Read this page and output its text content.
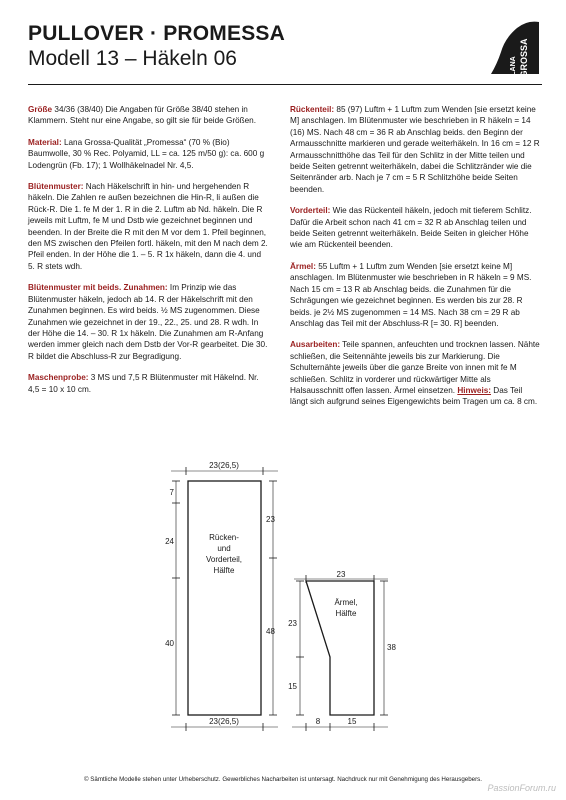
PULLOVER · PROMESSA
Modell 13 – Häkeln 06	GROSSA
LANA

Größe 34/36 (38/40) Die Angaben für Größe 38/40 stehen in Klammern. Steht nur eine Angabe, so gilt sie für beide Größen.

Material: Lana Grossa-Qualität „Promessa“ (70 % (Bio) Baumwolle, 30 % Rec. Polyamid, LL = ca. 125 m/50 g): ca. 600 g Lodengrün (Fb. 17); 1 Wollhäkelnadel Nr. 4,5.

Blütenmuster: Nach Häkelschrift in hin- und hergehenden R häkeln. Die Zahlen re außen bezeichnen die Hin-R, li außen die Rück-R. Die 1. fe M der 1. R in die 2. Luftm ab Nd. häkeln. Die R jeweils mit Luftm, fe M und Dstb wie gezeichnet beginnen und beenden. In der Breite die R mit den M vor dem 1. Pfeil beginnen, den MS zwischen den Pfeilen fortl. häkeln, mit den M nach dem 2. Pfeil enden. In der Höhe die 1. – 5. R 1x häkeln, dann die 4. und 5. R stets wdh.

Blütenmuster mit beids. Zunahmen: Im Prinzip wie das Blütenmuster häkeln, jedoch ab 14. R der Häkelschrift mit den Zunahmen beginnen. Es wird beids. ½ MS zugenommen. Diese Zunahmen wie gezeichnet in der 19., 22., 25. und 28. R wdh. In der Höhe die 14. – 30. R 1x häkeln. Die Zunahmen am R-Anfang werden immer gleich nach dem Dstb der Vor-R gearbeitet. Die 30. R bildet die Abschluss-R zur Begradigung.

Maschenprobe: 3 MS und 7,5 R Blütenmuster mit Häkelnd. Nr. 4,5 = 10 x 10 cm.

Rückenteil: 85 (97) Luftm + 1 Luftm zum Wenden [sie ersetzt keine M] anschlagen. Im Blütenmuster wie beschrieben in R häkeln = 14 (16) MS. Nach 48 cm = 36 R ab Anschlag beids. den Beginn der Armausschnitte markieren und gerade weiterhäkeln. In 16 cm = 12 R Armausschnitthöhe das Teil für den Schlitz in der Mitte teilen und beide Seiten getrennt weiterhäkeln, dabei die Schlitzränder wie die Seitenränder arb. Nach je 7 cm = 5 R Schlitzhöhe beide Seiten beenden.

Vorderteil: Wie das Rückenteil häkeln, jedoch mit tieferem Schlitz. Dafür die Arbeit schon nach 41 cm = 32 R ab Anschlag teilen und beide Seiten getrennt weiterhäkeln. Beide Seiten in gleicher Höhe wie am Rückenteil beenden.

Ärmel: 55 Luftm + 1 Luftm zum Wenden [sie ersetzt keine M] anschlagen. Im Blütenmuster wie beschrieben in R häkeln = 9 MS. Nach 15 cm = 13 R ab Anschlag beids. die Zunahmen für die Schrägungen wie gezeichnet beginnen. Es werden bis zur 28. R beids. je 2½ MS zugenommen = 14 MS. Nach 38 cm = 29 R ab Anschlag das Teil mit der Abschluss-R [= 30. R] beenden.

Ausarbeiten: Teile spannen, anfeuchten und trocknen lassen. Nähte schließen, die Seitennähte jeweils bis zur Markierung. Die Schulternähte jeweils über die ganze Breite von innen mit fe M schließen. Schlitz in vorderer und rückwärtiger Mitte als Halsausschnitt offen lassen. Ärmel einsetzen. Hinweis: Das Teil längt sich aufgrund seines Eigengewichts beim Tragen um ca. 8 cm.

23(26,5)
23(26,5)
7
24
40
23
48
Rücken-
und
Vorderteil,
Hälfte	23
8	15
23
15
38
Ärmel,
Hälfte
© Sämtliche Modelle stehen unter Urheberschutz. Gewerbliches Nacharbeiten ist untersagt. Nachdruck nur mit Genehmigung des Herausgebers.
PassionForum.ru
